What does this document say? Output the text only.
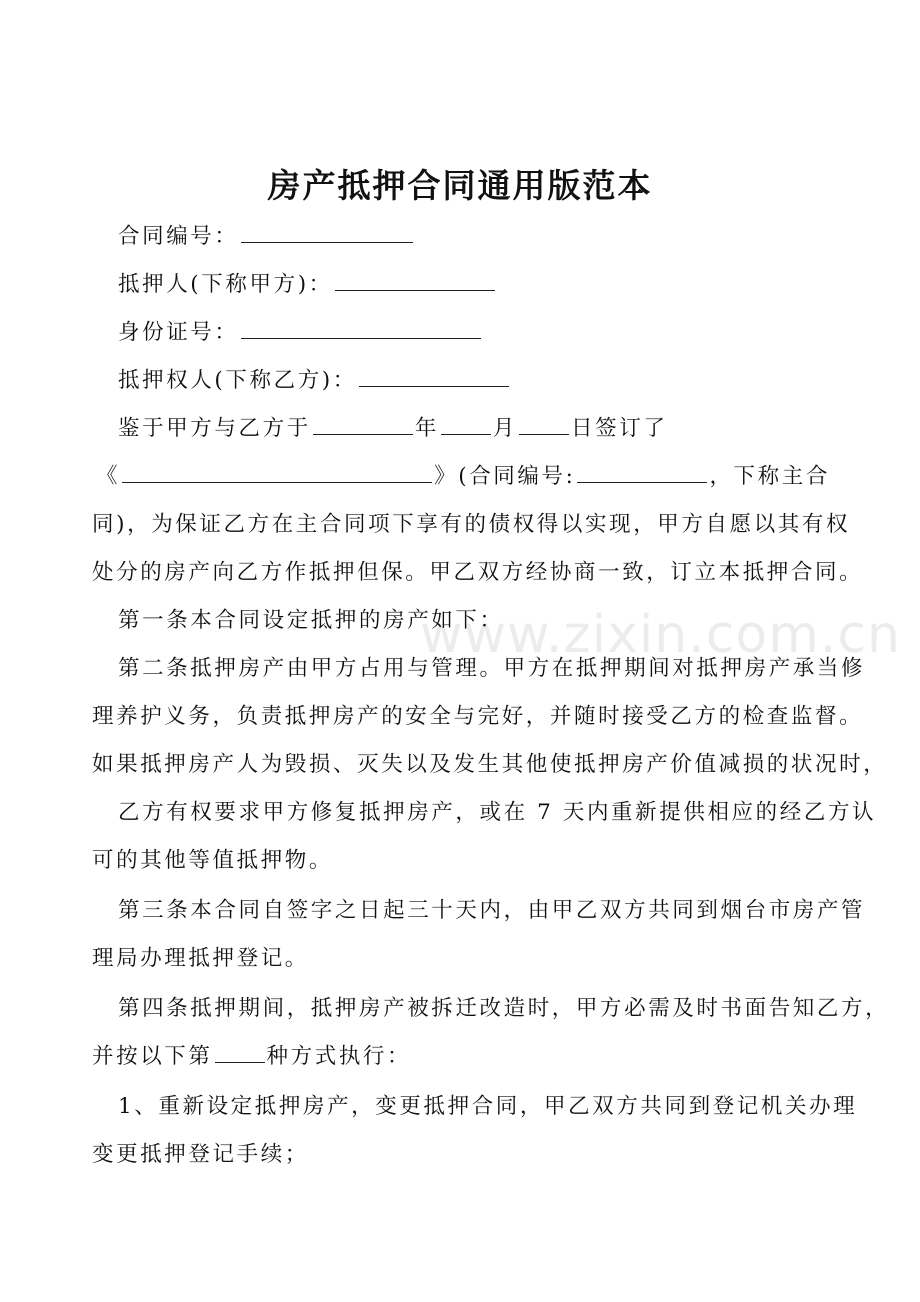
www.zixin.com.cn
房产抵押合同通用版范本
合同编号：
抵押人(下称甲方)：
身份证号：
抵押权人(下称乙方)：
鉴于甲方与乙方于	年	月	日签订了
《	》(合同编号:	，下称主合
同)，为保证乙方在主合同项下享有的债权得以实现，甲方自愿以其有权
处分的房产向乙方作抵押但保。甲乙双方经协商一致，订立本抵押合同。
第一条本合同设定抵押的房产如下：
第二条抵押房产由甲方占用与管理。甲方在抵押期间对抵押房产承当修
理养护义务，负责抵押房产的安全与完好，并随时接受乙方的检查监督。
如果抵押房产人为毁损、灭失以及发生其他使抵押房产价值减损的状况时，
乙方有权要求甲方修复抵押房产，或在 7 天内重新提供相应的经乙方认
可的其他等值抵押物。
第三条本合同自签字之日起三十天内，由甲乙双方共同到烟台市房产管
理局办理抵押登记。
第四条抵押期间，抵押房产被拆迁改造时，甲方必需及时书面告知乙方，
并按以下第	种方式执行：
1、重新设定抵押房产，变更抵押合同，甲乙双方共同到登记机关办理
变更抵押登记手续；
